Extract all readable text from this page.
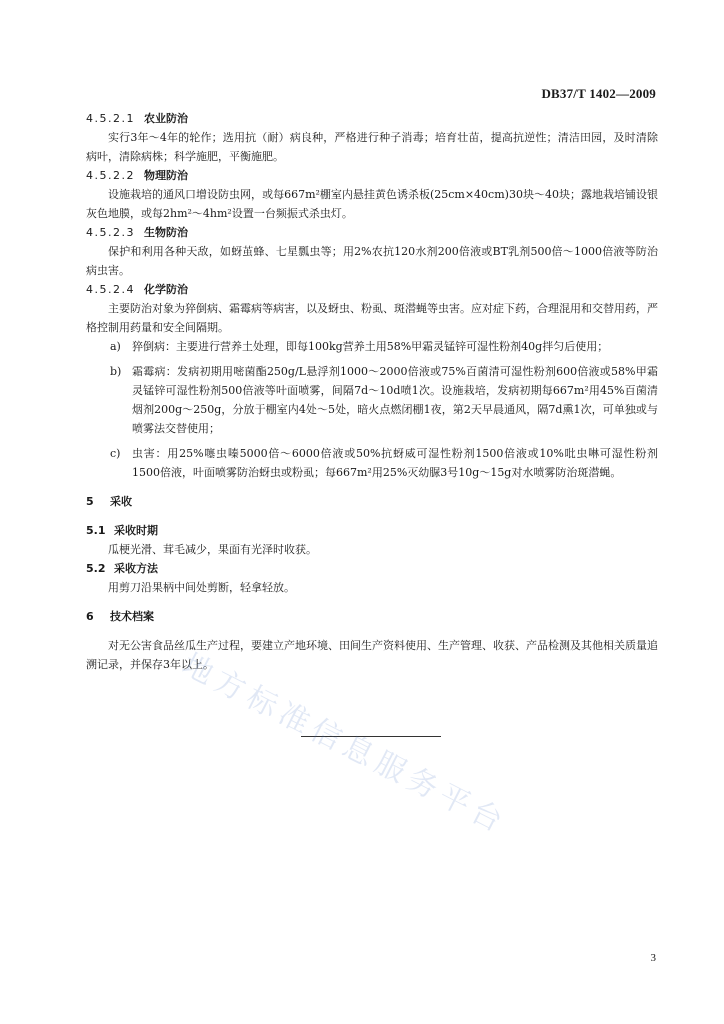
DB37/T 1402—2009
4.5.2.1 农业防治

实行3年～4年的轮作；选用抗（耐）病良种，严格进行种子消毒；培育壮苗，提高抗逆性；清洁田园，及时清除病叶，清除病株；科学施肥，平衡施肥。

4.5.2.2 物理防治

设施栽培的通风口增设防虫网，或每667m²棚室内悬挂黄色诱杀板(25cm×40cm)30块～40块；露地栽培铺设银灰色地膜，或每2hm²～4hm²设置一台频振式杀虫灯。

4.5.2.3 生物防治

保护和利用各种天敌，如蚜茧蜂、七星瓢虫等；用2%农抗120水剂200倍液或BT乳剂500倍～1000倍液等防治病虫害。

4.5.2.4 化学防治

主要防治对象为猝倒病、霜霉病等病害，以及蚜虫、粉虱、斑潜蝇等虫害。应对症下药，合理混用和交替用药，严格控制用药量和安全间隔期。

a) 猝倒病：主要进行营养土处理，即每100kg营养土用58%甲霜灵锰锌可湿性粉剂40g拌匀后使用；

b) 霜霉病：发病初期用嘧菌酯250g/L悬浮剂1000～2000倍液或75%百菌清可湿性粉剂600倍液或58%甲霜灵锰锌可湿性粉剂500倍液等叶面喷雾，间隔7d～10d喷1次。设施栽培，发病初期每667m²用45%百菌清烟剂200g～250g，分放于棚室内4处～5处，暗火点燃闭棚1夜，第2天早晨通风，隔7d熏1次，可单独或与喷雾法交替使用；

c) 虫害：用25%噻虫嗪5000倍～6000倍液或50%抗蚜威可湿性粉剂1500倍液或10%吡虫啉可湿性粉剂1500倍液，叶面喷雾防治蚜虫或粉虱；每667m²用25%灭幼脲3号10g～15g对水喷雾防治斑潜蝇。

5 采收
5.1 采收时期

瓜梗光滑、茸毛减少，果面有光泽时收获。

5.2 采收方法

用剪刀沿果柄中间处剪断，轻拿轻放。

6 技术档案

对无公害食品丝瓜生产过程，要建立产地环境、田间生产资料使用、生产管理、收获、产品检测及其他相关质量追溯记录，并保存3年以上。

地方标准信息服务平台
3
